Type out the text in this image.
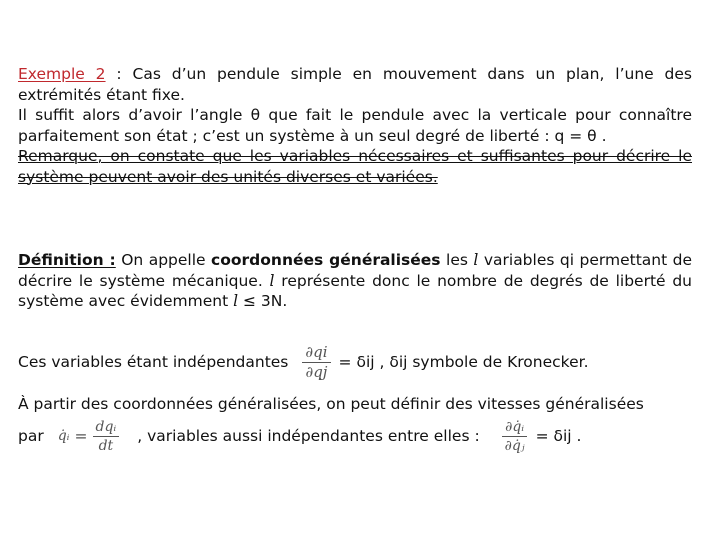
Exemple 2 : Cas d’un pendule simple en mouvement dans un plan, l’une des extrémités étant fixe.
Il suffit alors d’avoir l’angle θ que fait le pendule avec la verticale pour connaître parfaitement son état ; c’est un système à un seul degré de liberté : q = θ .
Remarque, on constate que les variables nécessaires et suffisantes pour décrire le système peuvent avoir des unités diverses et variées.
Définition : On appelle coordonnées généralisées les l variables qi permettant de décrire le système mécanique. l représente donc le nombre de degrés de liberté du système avec évidemment l ≤ 3N.
Ces variables étant indépendantes $\frac{\partial qi}{\partial qj} = \delta ij$ , δij symbole de Kronecker.
À partir des coordonnées généralisées, on peut définir des vitesses généralisées
par q̇ᵢ = $\frac{\text{dqᵢ}}{dt}$ , variables aussi indépendantes entre elles : $\frac{\text{∂q̇ᵢ}}{\text{∂q̇ⱼ}} = \delta ij$ .
